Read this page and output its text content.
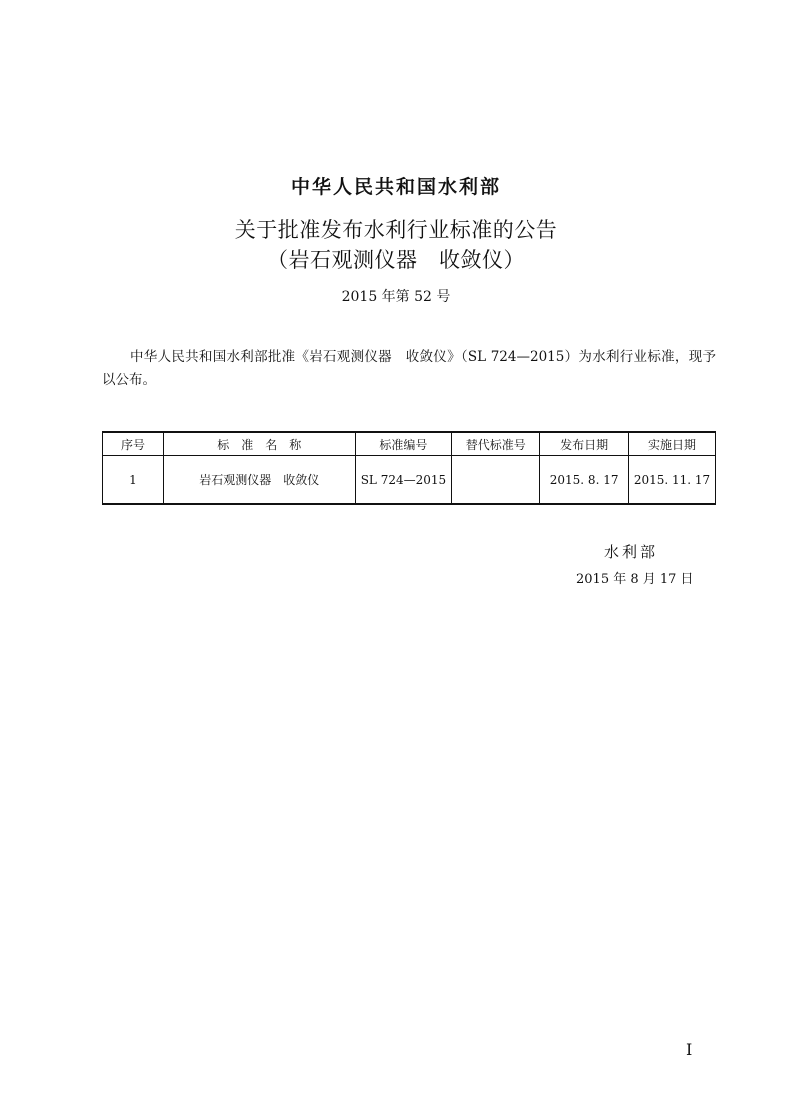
中华人民共和国水利部
关于批准发布水利行业标准的公告
（岩石观测仪器　收敛仪）
2015 年第 52 号
中华人民共和国水利部批准《岩石观测仪器　收敛仪》（SL 724—2015）为水利行业标准，现予以公布。
序号	标　准　名　称	标准编号	替代标准号	发布日期	实施日期
1	岩石观测仪器　收敛仪	SL 724—2015		2015. 8. 17	2015. 11. 17
水利部
2015 年 8 月 17 日
I
